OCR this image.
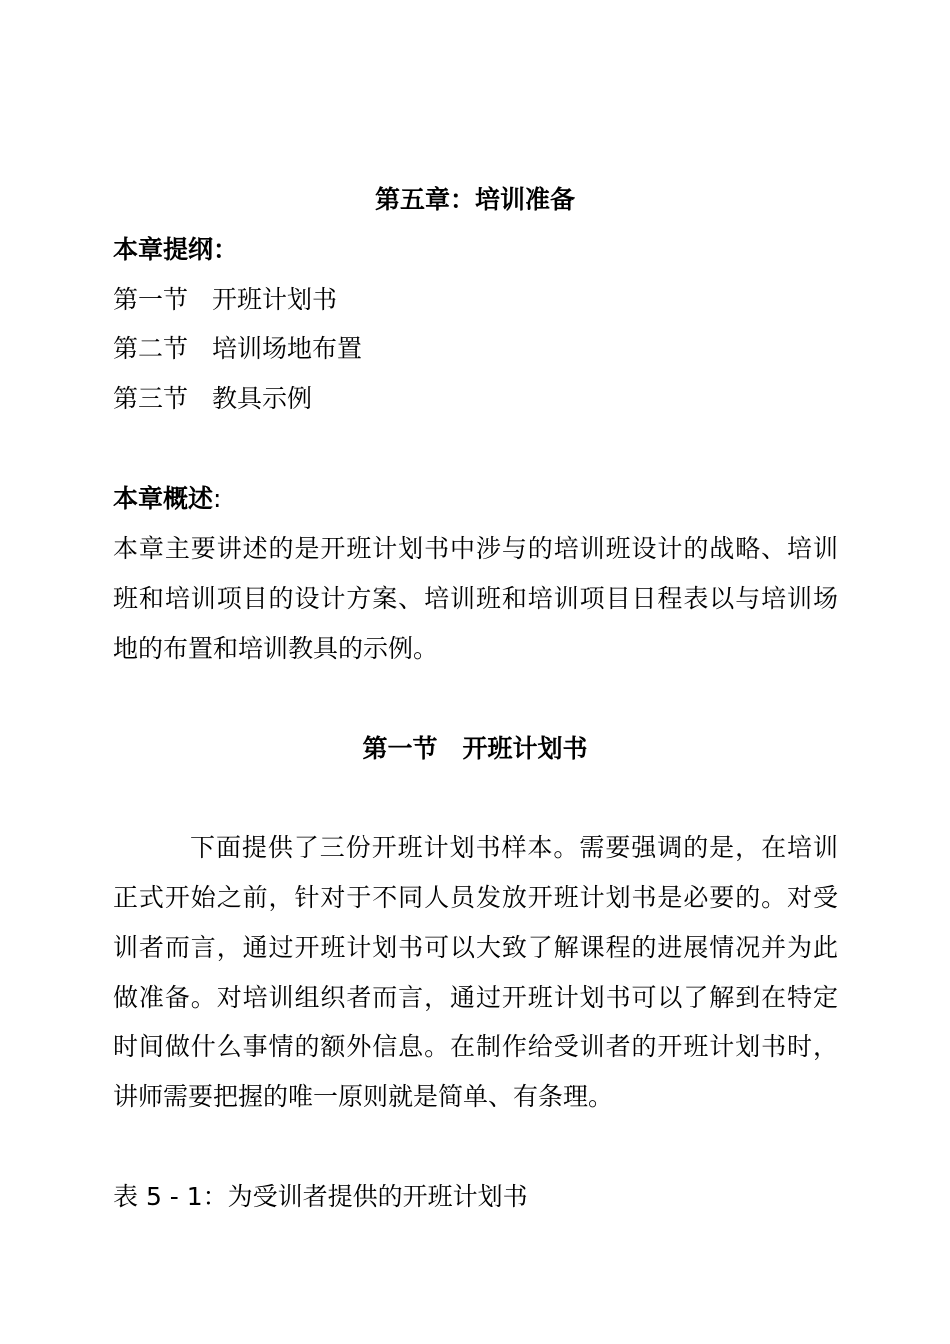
第五章：培训准备
本章提纲：
第一节 开班计划书
第二节 培训场地布置
第三节 教具示例
本章概述:
本章主要讲述的是开班计划书中涉与的培训班设计的战略、培训
班和培训项目的设计方案、培训班和培训项目日程表以与培训场
地的布置和培训教具的示例。
第一节　开班计划书
下面提供了三份开班计划书样本。需要强调的是，在培训
正式开始之前，针对于不同人员发放开班计划书是必要的。对受
训者而言，通过开班计划书可以大致了解课程的进展情况并为此
做准备。对培训组织者而言，通过开班计划书可以了解到在特定
时间做什么事情的额外信息。在制作给受训者的开班计划书时，
讲师需要把握的唯一原则就是简单、有条理。
表 5 - 1：为受训者提供的开班计划书
